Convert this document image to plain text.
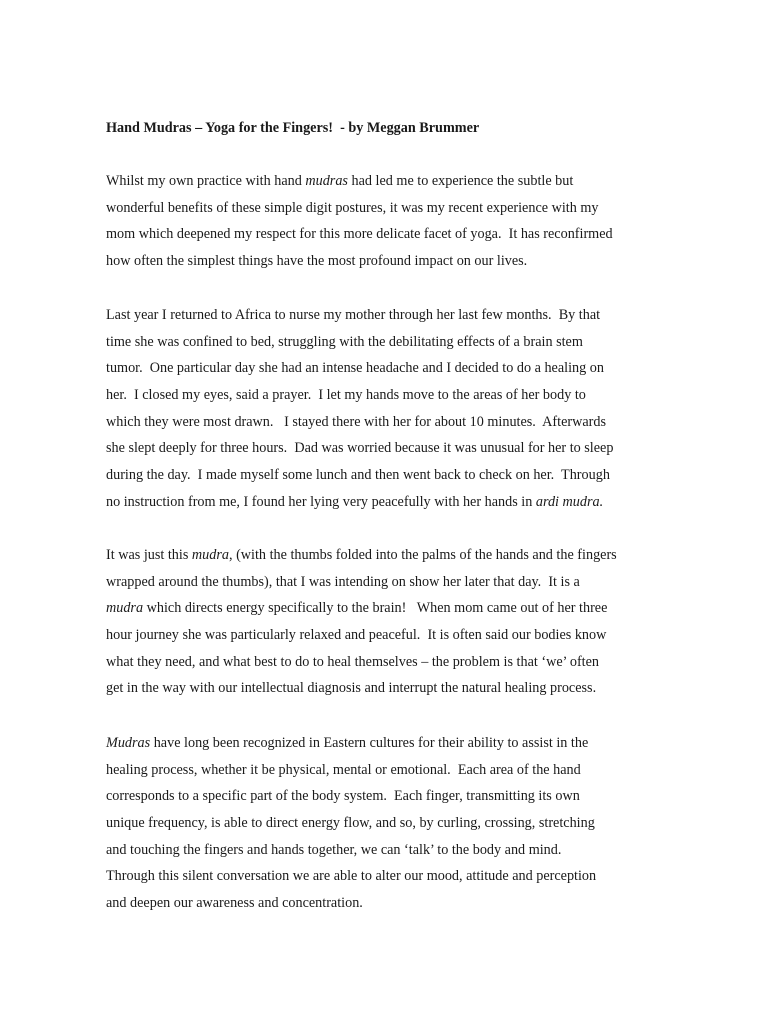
Hand Mudras – Yoga for the Fingers!  - by Meggan Brummer
Whilst my own practice with hand mudras had led me to experience the subtle but
wonderful benefits of these simple digit postures, it was my recent experience with my
mom which deepened my respect for this more delicate facet of yoga.  It has reconfirmed
how often the simplest things have the most profound impact on our lives.
Last year I returned to Africa to nurse my mother through her last few months.  By that
time she was confined to bed, struggling with the debilitating effects of a brain stem
tumor.  One particular day she had an intense headache and I decided to do a healing on
her.  I closed my eyes, said a prayer.  I let my hands move to the areas of her body to
which they were most drawn.   I stayed there with her for about 10 minutes.  Afterwards
she slept deeply for three hours.  Dad was worried because it was unusual for her to sleep
during the day.  I made myself some lunch and then went back to check on her.  Through
no instruction from me, I found her lying very peacefully with her hands in ardi mudra.
It was just this mudra, (with the thumbs folded into the palms of the hands and the fingers
wrapped around the thumbs), that I was intending on show her later that day.  It is a
mudra which directs energy specifically to the brain!   When mom came out of her three
hour journey she was particularly relaxed and peaceful.  It is often said our bodies know
what they need, and what best to do to heal themselves – the problem is that ‘we’ often
get in the way with our intellectual diagnosis and interrupt the natural healing process.
Mudras have long been recognized in Eastern cultures for their ability to assist in the
healing process, whether it be physical, mental or emotional.  Each area of the hand
corresponds to a specific part of the body system.  Each finger, transmitting its own
unique frequency, is able to direct energy flow, and so, by curling, crossing, stretching
and touching the fingers and hands together, we can ‘talk’ to the body and mind.
Through this silent conversation we are able to alter our mood, attitude and perception
and deepen our awareness and concentration.
